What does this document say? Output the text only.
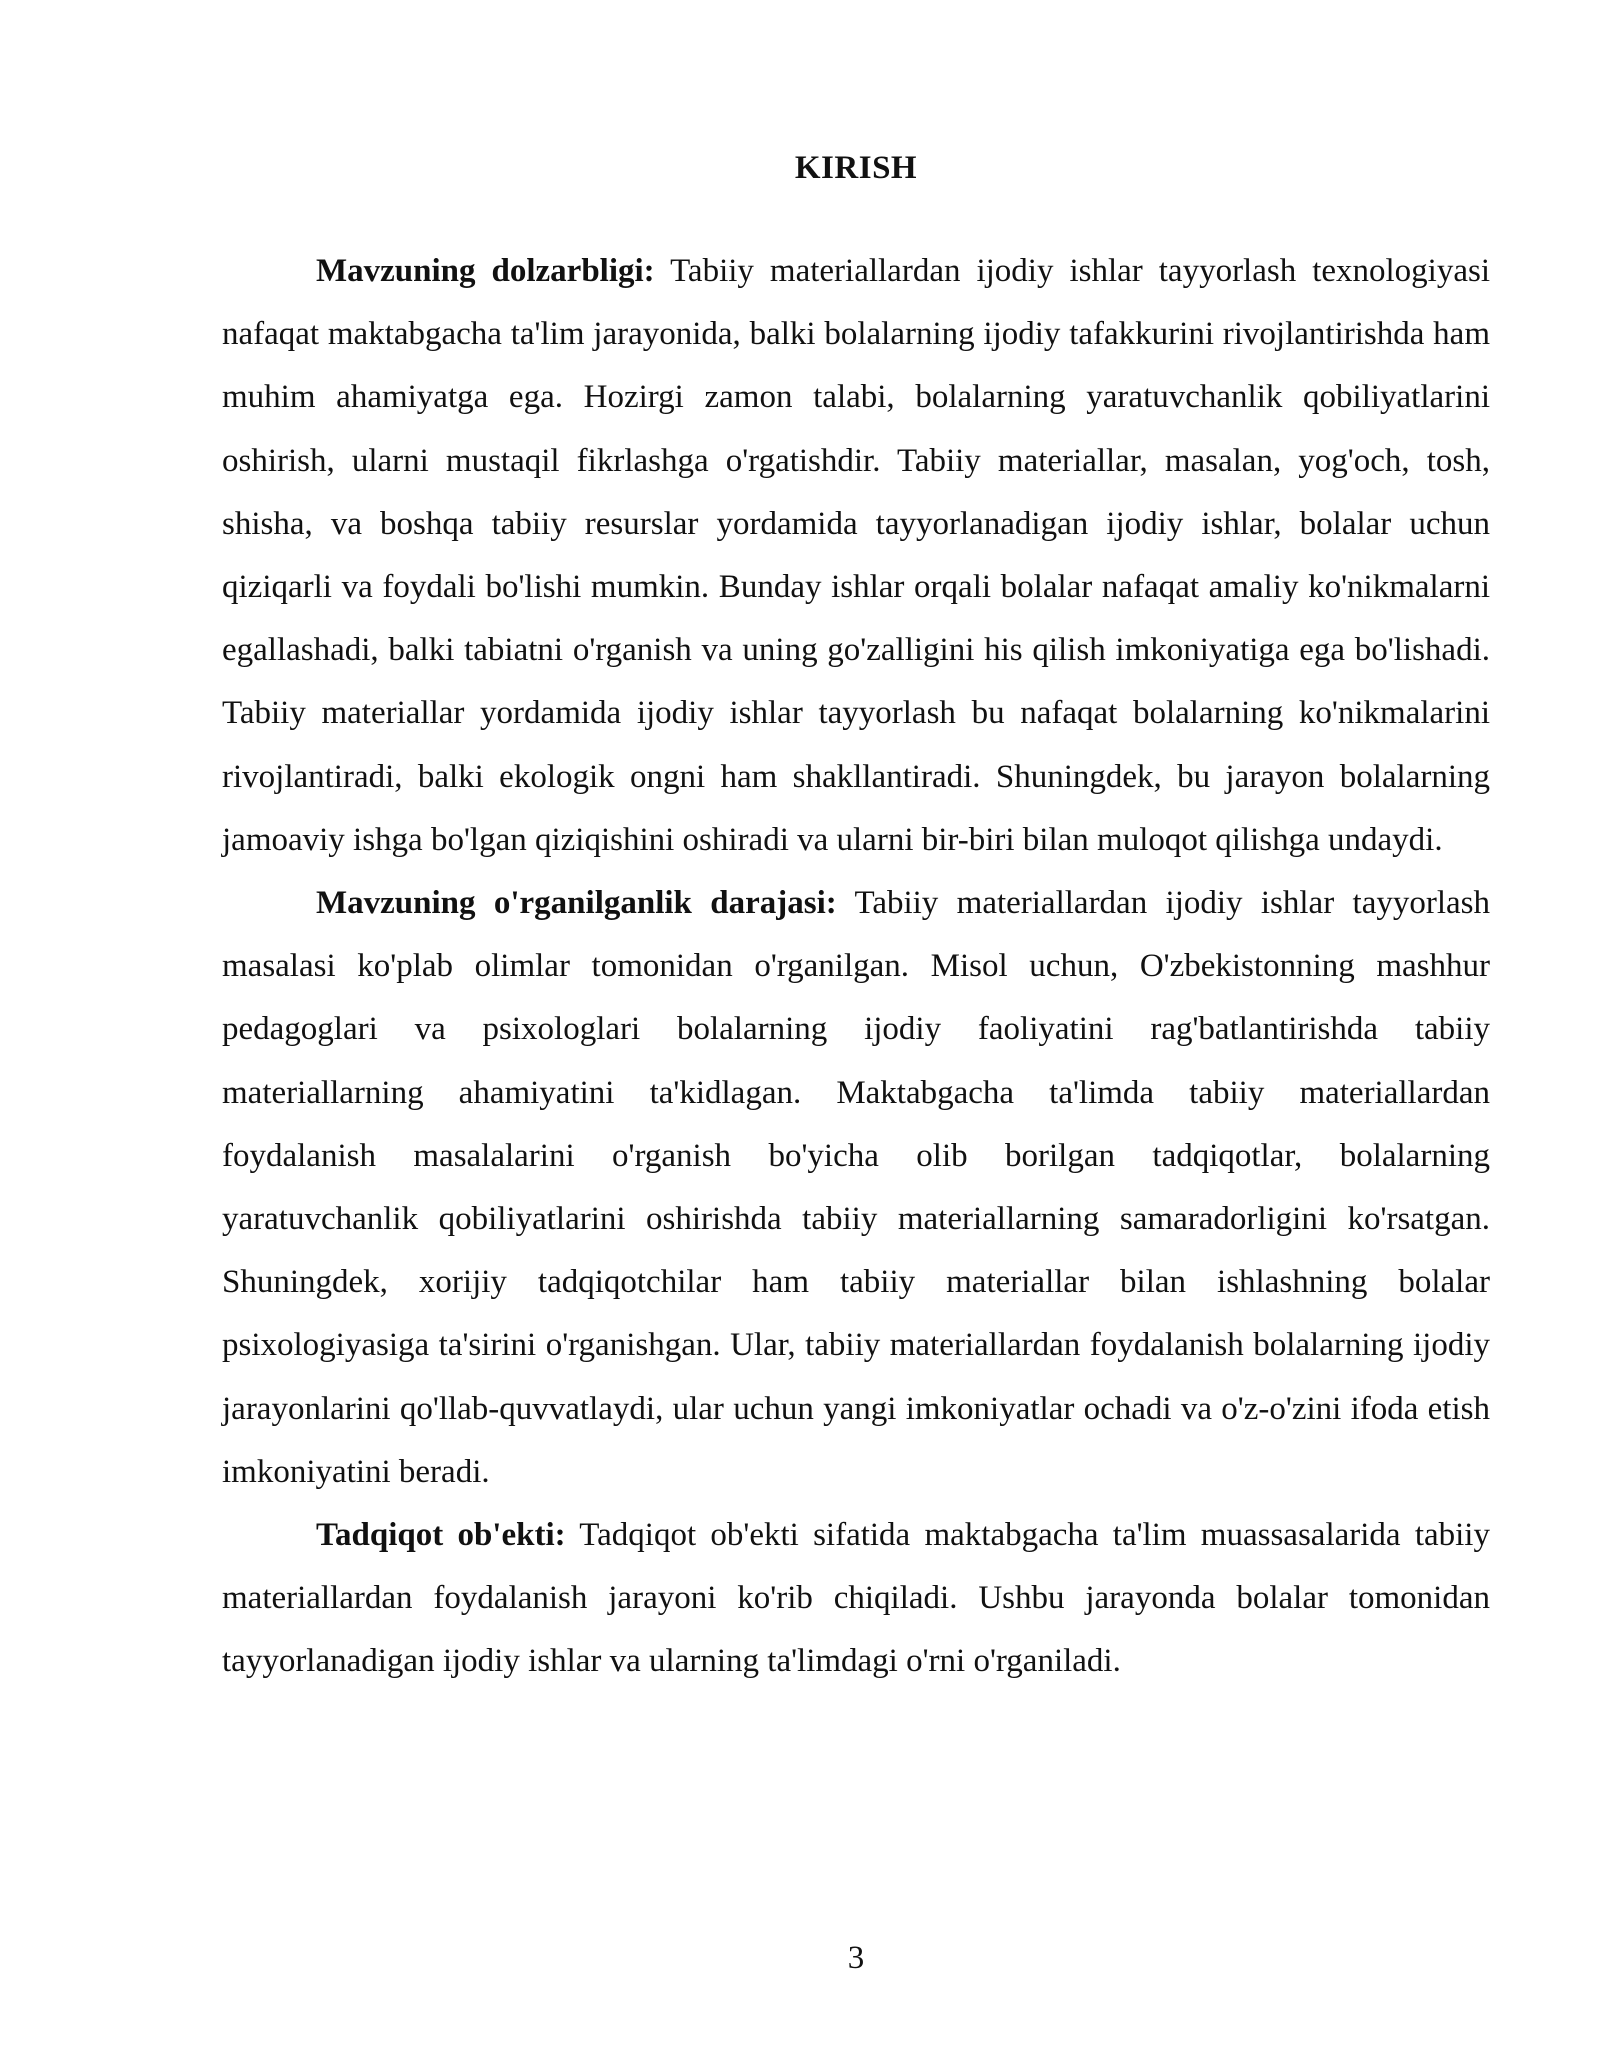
KIRISH

Mavzuning dolzarbligi: Tabiiy materiallardan ijodiy ishlar tayyorlash texnologiyasi nafaqat maktabgacha ta'lim jarayonida, balki bolalarning ijodiy tafakkurini rivojlantirishda ham muhim ahamiyatga ega. Hozirgi zamon talabi, bolalarning yaratuvchanlik qobiliyatlarini oshirish, ularni mustaqil fikrlashga o'rgatishdir. Tabiiy materiallar, masalan, yog'och, tosh, shisha, va boshqa tabiiy resurslar yordamida tayyorlanadigan ijodiy ishlar, bolalar uchun qiziqarli va foydali bo'lishi mumkin. Bunday ishlar orqali bolalar nafaqat amaliy ko'nikmalarni egallashadi, balki tabiatni o'rganish va uning go'zalligini his qilish imkoniyatiga ega bo'lishadi. Tabiiy materiallar yordamida ijodiy ishlar tayyorlash bu nafaqat bolalarning ko'nikmalarini rivojlantiradi, balki ekologik ongni ham shakllantiradi. Shuningdek, bu jarayon bolalarning jamoaviy ishga bo'lgan qiziqishini oshiradi va ularni bir-biri bilan muloqot qilishga undaydi.

Mavzuning o'rganilganlik darajasi: Tabiiy materiallardan ijodiy ishlar tayyorlash masalasi ko'plab olimlar tomonidan o'rganilgan. Misol uchun, O'zbekistonning mashhur pedagoglari va psixologlari bolalarning ijodiy faoliyatini rag'batlantirishda tabiiy materiallarning ahamiyatini ta'kidlagan. Maktabgacha ta'limda tabiiy materiallardan foydalanish masalalarini o'rganish bo'yicha olib borilgan tadqiqotlar, bolalarning yaratuvchanlik qobiliyatlarini oshirishda tabiiy materiallarning samaradorligini ko'rsatgan. Shuningdek, xorijiy tadqiqotchilar ham tabiiy materiallar bilan ishlashning bolalar psixologiyasiga ta'sirini o'rganishgan. Ular, tabiiy materiallardan foydalanish bolalarning ijodiy jarayonlarini qo'llab-quvvatlaydi, ular uchun yangi imkoniyatlar ochadi va o'z-o'zini ifoda etish imkoniyatini beradi.

Tadqiqot ob'ekti: Tadqiqot ob'ekti sifatida maktabgacha ta'lim muassasalarida tabiiy materiallardan foydalanish jarayoni ko'rib chiqiladi. Ushbu jarayonda bolalar tomonidan tayyorlanadigan ijodiy ishlar va ularning ta'limdagi o'rni o'rganiladi.

3
